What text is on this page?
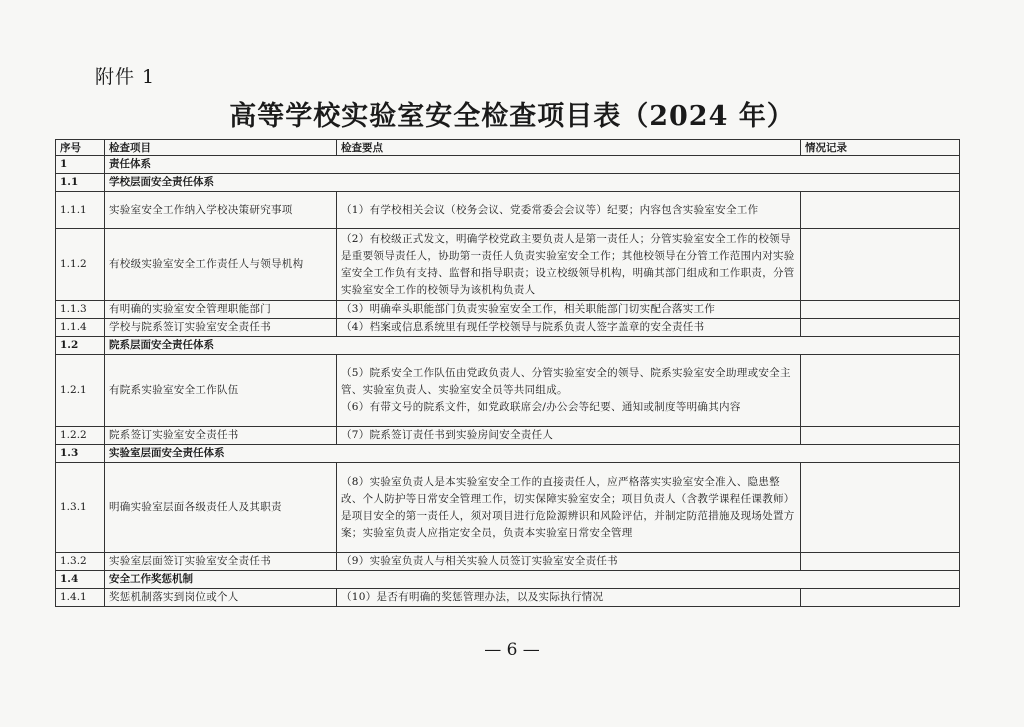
附件 1
高等学校实验室安全检查项目表（2024 年）
序号	检查项目	检查要点	情况记录
1	责任体系		
1.1	学校层面安全责任体系		
1.1.1	实验室安全工作纳入学校决策研究事项	（1）有学校相关会议（校务会议、党委常委会会议等）纪要；内容包含实验室安全工作	
1.1.2	有校级实验室安全工作责任人与领导机构	（2）有校级正式发文，明确学校党政主要负责人是第一责任人；分管实验室安全工作的校领导是重要领导责任人，协助第一责任人负责实验室安全工作；其他校领导在分管工作范围内对实验室安全工作负有支持、监督和指导职责；设立校级领导机构，明确其部门组成和工作职责，分管实验室安全工作的校领导为该机构负责人	
1.1.3	有明确的实验室安全管理职能部门	（3）明确牵头职能部门负责实验室安全工作，相关职能部门切实配合落实工作	
1.1.4	学校与院系签订实验室安全责任书	（4）档案或信息系统里有现任学校领导与院系负责人签字盖章的安全责任书	
1.2	院系层面安全责任体系		
1.2.1	有院系实验室安全工作队伍	（5）院系安全工作队伍由党政负责人、分管实验室安全的领导、院系实验室安全助理或安全主管、实验室负责人、实验室安全员等共同组成。
（6）有带文号的院系文件，如党政联席会/办公会等纪要、通知或制度等明确其内容	

1.2.2	院系签订实验室安全责任书	（7）院系签订责任书到实验房间安全责任人	
1.3	实验室层面安全责任体系		
1.3.1	明确实验室层面各级责任人及其职责	（8）实验室负责人是本实验室安全工作的直接责任人，应严格落实实验室安全准入、隐患整改、个人防护等日常安全管理工作，切实保障实验室安全；项目负责人（含教学课程任课教师）是项目安全的第一责任人，须对项目进行危险源辨识和风险评估，并制定防范措施及现场处置方案；实验室负责人应指定安全员，负责本实验室日常安全管理	
1.3.2	实验室层面签订实验室安全责任书	（9）实验室负责人与相关实验人员签订实验室安全责任书	
1.4	安全工作奖惩机制		
1.4.1	奖惩机制落实到岗位或个人	（10）是否有明确的奖惩管理办法，以及实际执行情况	
— 6 —
